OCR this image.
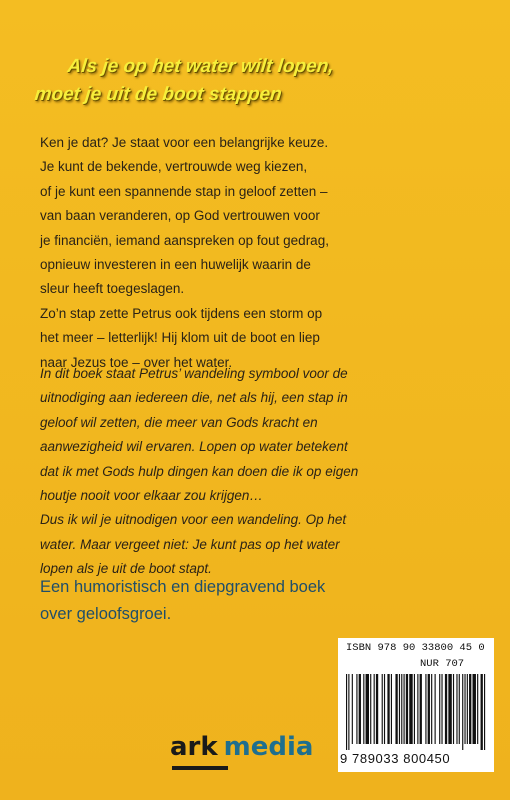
Als je op het water wilt lopen,
moet je uit de boot stappen

Ken je dat? Je staat voor een belangrijke keuze.

Je kunt de bekende, vertrouwde weg kiezen,

of je kunt een spannende stap in geloof zetten –

van baan veranderen, op God vertrouwen voor

je financiën, iemand aanspreken op fout gedrag,

opnieuw investeren in een huwelijk waarin de

sleur heeft toegeslagen.

Zo’n stap zette Petrus ook tijdens een storm op

het meer – letterlijk! Hij klom uit de boot en liep

naar Jezus toe – over het water.

In dit boek staat Petrus’ wandeling symbool voor de

uitnodiging aan iedereen die, net als hij, een stap in

geloof wil zetten, die meer van Gods kracht en

aanwezigheid wil ervaren. Lopen op water betekent

dat ik met Gods hulp dingen kan doen die ik op eigen

houtje nooit voor elkaar zou krijgen…

Dus ik wil je uitnodigen voor een wandeling. Op het

water. Maar vergeet niet: Je kunt pas op het water

lopen als je uit de boot stapt.

Een humoristisch en diepgravend boek

over geloofsgroei.

ark media
ISBN 978 90 33800 45 0
NUR 707
9 789033 800450
